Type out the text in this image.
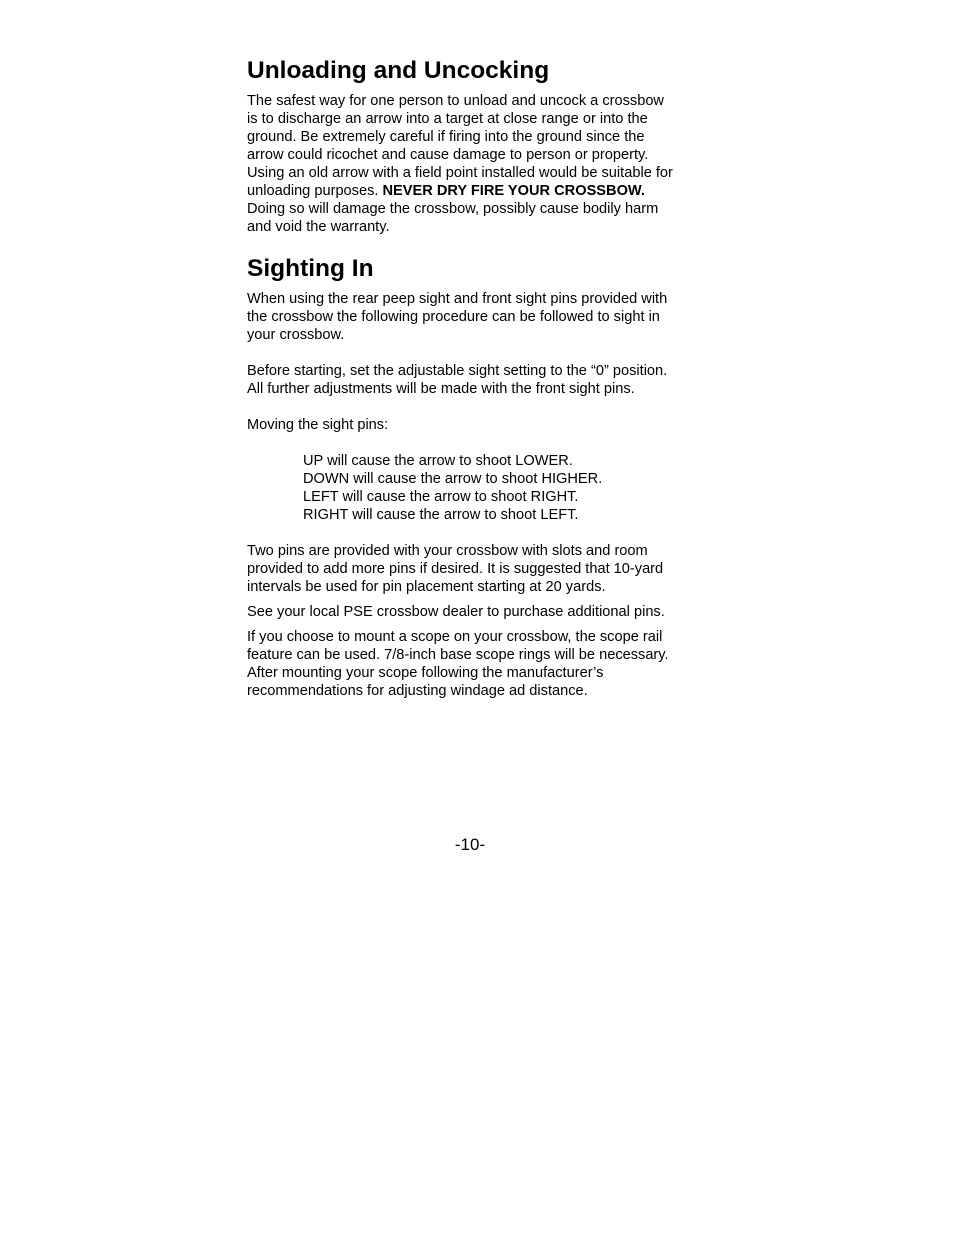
Unloading and Uncocking

The safest way for one person to unload and uncock a crossbow

is to discharge an arrow into a target at close range or into the

ground. Be extremely careful if firing into the ground since the

arrow could ricochet and cause damage to person or property.

Using an old arrow with a field point installed would be suitable for

unloading purposes. NEVER DRY FIRE YOUR CROSSBOW.

Doing so will damage the crossbow, possibly cause bodily harm

and void the warranty.

Sighting In

When using the rear peep sight and front sight pins provided with

the crossbow the following procedure can be followed to sight in

your crossbow.

Before starting, set the adjustable sight setting to the “0” position.

All further adjustments will be made with the front sight pins.

Moving the sight pins:

UP will cause the arrow to shoot LOWER.

DOWN will cause the arrow to shoot HIGHER.

LEFT will cause the arrow to shoot RIGHT.

RIGHT will cause the arrow to shoot LEFT.

Two pins are provided with your crossbow with slots and room

provided to add more pins if desired. It is suggested that 10-yard

intervals be used for pin placement starting at 20 yards.

See your local PSE crossbow dealer to purchase additional pins.

If you choose to mount a scope on your crossbow, the scope rail

feature can be used. 7/8-inch base scope rings will be necessary.

After mounting your scope following the manufacturer’s

recommendations for adjusting windage ad distance.

-10-
